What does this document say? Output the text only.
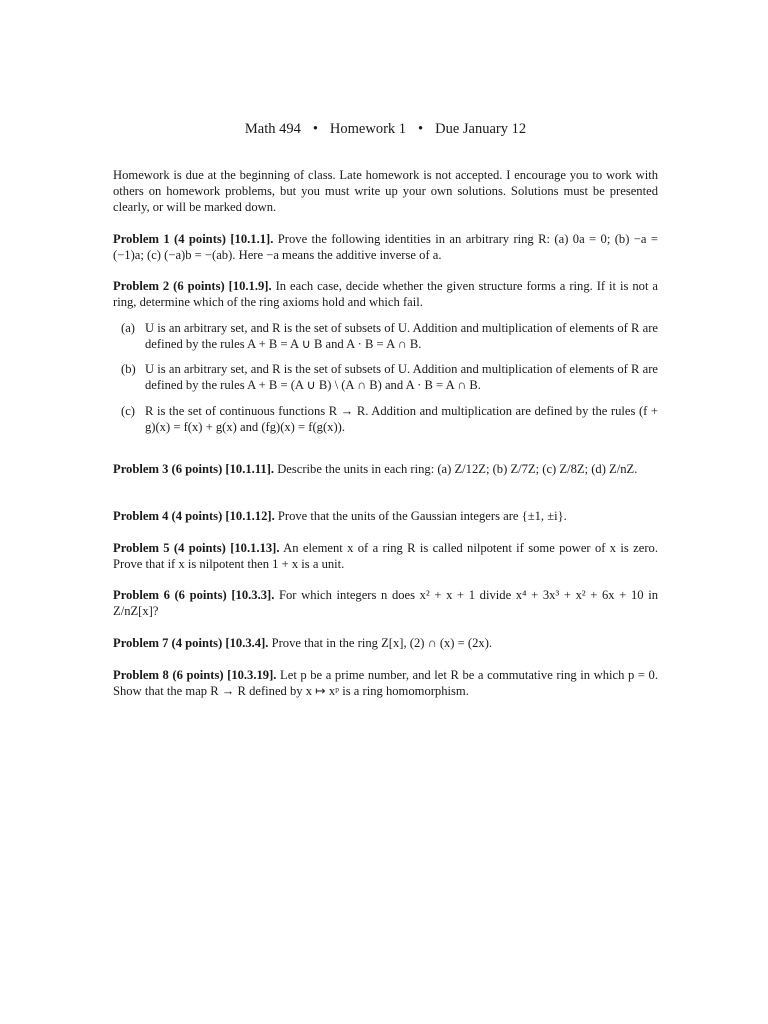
Math 494 • Homework 1 • Due January 12
Homework is due at the beginning of class. Late homework is not accepted. I encourage you to work with others on homework problems, but you must write up your own solutions. Solutions must be presented clearly, or will be marked down.
Problem 1 (4 points) [10.1.1]. Prove the following identities in an arbitrary ring R: (a) 0a = 0; (b) −a = (−1)a; (c) (−a)b = −(ab). Here −a means the additive inverse of a.
Problem 2 (6 points) [10.1.9]. In each case, decide whether the given structure forms a ring. If it is not a ring, determine which of the ring axioms hold and which fail.
(a) U is an arbitrary set, and R is the set of subsets of U. Addition and multiplication of elements of R are defined by the rules A + B = A ∪ B and A · B = A ∩ B.
(b) U is an arbitrary set, and R is the set of subsets of U. Addition and multiplication of elements of R are defined by the rules A + B = (A ∪ B) \ (A ∩ B) and A · B = A ∩ B.
(c) R is the set of continuous functions R → R. Addition and multiplication are defined by the rules (f + g)(x) = f(x) + g(x) and (fg)(x) = f(g(x)).
Problem 3 (6 points) [10.1.11]. Describe the units in each ring: (a) Z/12Z; (b) Z/7Z; (c) Z/8Z; (d) Z/nZ.
Problem 4 (4 points) [10.1.12]. Prove that the units of the Gaussian integers are {±1, ±i}.
Problem 5 (4 points) [10.1.13]. An element x of a ring R is called nilpotent if some power of x is zero. Prove that if x is nilpotent then 1 + x is a unit.
Problem 6 (6 points) [10.3.3]. For which integers n does x² + x + 1 divide x⁴ + 3x³ + x² + 6x + 10 in Z/nZ[x]?
Problem 7 (4 points) [10.3.4]. Prove that in the ring Z[x], (2) ∩ (x) = (2x).
Problem 8 (6 points) [10.3.19]. Let p be a prime number, and let R be a commutative ring in which p = 0. Show that the map R → R defined by x ↦ xᵖ is a ring homomorphism.
